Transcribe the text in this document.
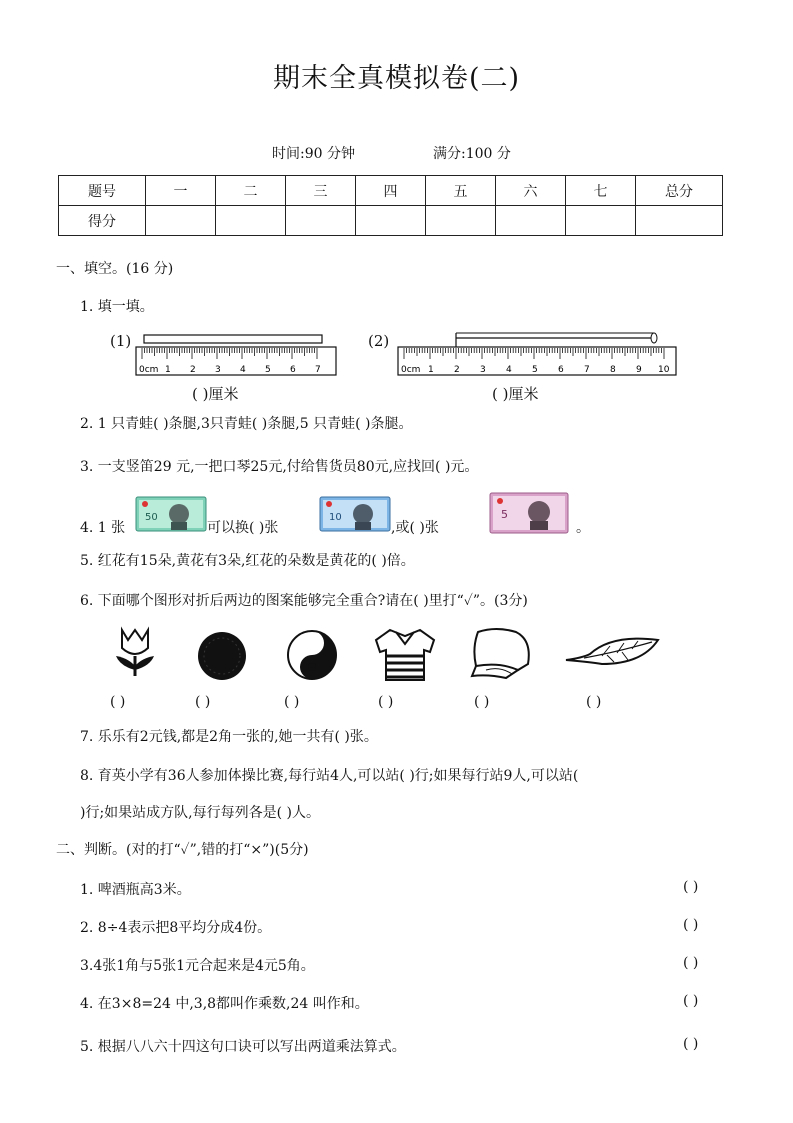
期末全真模拟卷(二)
时间:90 分钟	满分:100 分
题号	一	二	三	四	五	六	七	总分
得分								
一、填空。(16 分)
1. 填一填。
(1)
0cm 1 2 3 4 5 6 7
( )厘米
(2)
0cm 1 2 3 4 5 6 7 8 9 10
( )厘米
2. 1 只青蛙( )条腿,3只青蛙( )条腿,5 只青蛙( )条腿。
3. 一支竖笛29 元,一把口琴25元,付给售货员80元,应找回( )元。
4. 1 张
50
可以换( )张
10
,或( )张
5
。
5. 红花有15朵,黄花有3朵,红花的朵数是黄花的( )倍。
6. 下面哪个图形对折后两边的图案能够完全重合?请在( )里打“✓”。(3分)
( )	( )	( )	( )	( )	( )
7. 乐乐有2元钱,都是2角一张的,她一共有( )张。
8. 育英小学有36人参加体操比赛,每行站4人,可以站( )行;如果每行站9人,可以站(
)行;如果站成方队,每行每列各是( )人。
二、判断。(对的打“✓”,错的打“×”)(5分)
1. 啤酒瓶高3米。	( )
2. 8÷4表示把8平均分成4份。	( )
3.4张1角与5张1元合起来是4元5角。	( )
4. 在3×8=24 中,3,8都叫作乘数,24 叫作和。	( )
5. 根据八八六十四这句口诀可以写出两道乘法算式。	( )
